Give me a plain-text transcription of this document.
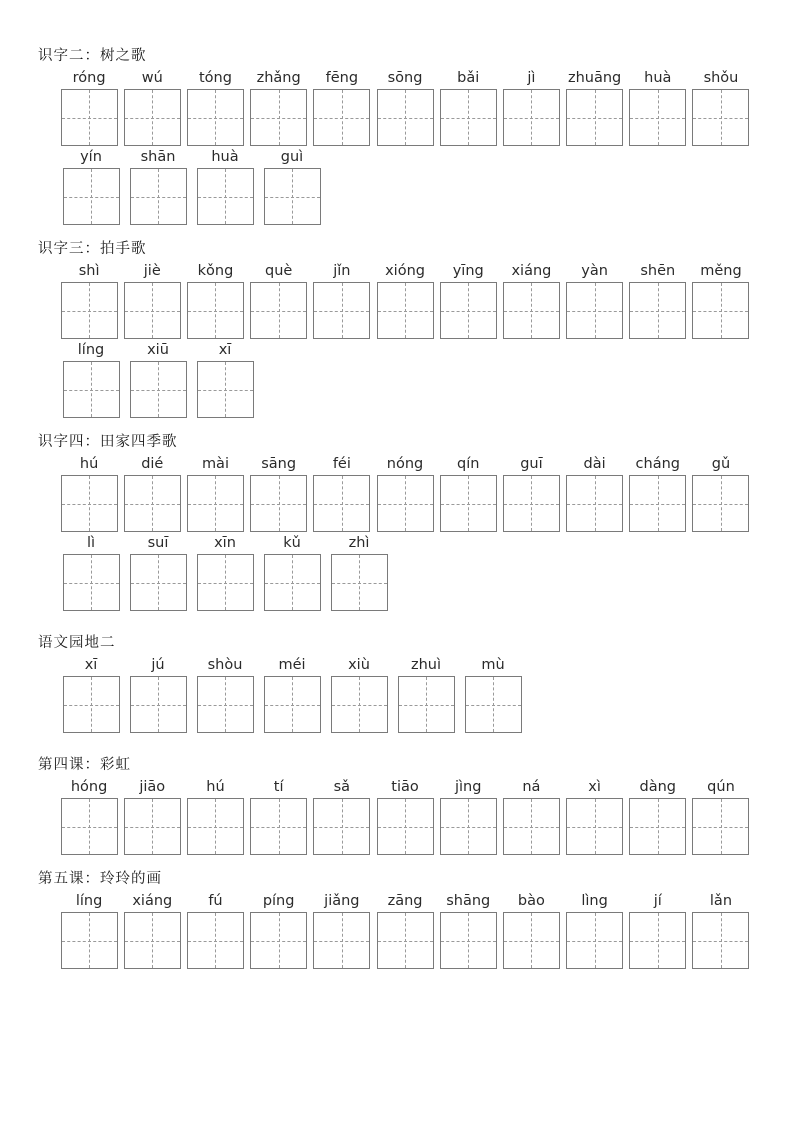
识字二：树之歌
róng wú tóng zhǎng fēng sōng bǎi	jì zhuāng huà shǒu
yín	shān huà	guì
识字三：拍手歌
shì	jiè	kǒng què	jǐn xióng yīng xiáng yàn shēn měng
líng	xiū	xī
识字四：田家四季歌
hú	dié	mài sāng	féi nóng qín	guī	dài cháng gǔ
lì	suī	xīn	kǔ	zhì
语文园地二
xī	jú	shòu méi	xiù	zhuì	mù
第四课：彩虹
hóng jiāo	hú	tí	sǎ	tiāo jìng	ná	xì	dàng qún
第五课：玲玲的画
líng xiáng fú	píng jiǎng zāng shāng bào	lìng	jí	lǎn
